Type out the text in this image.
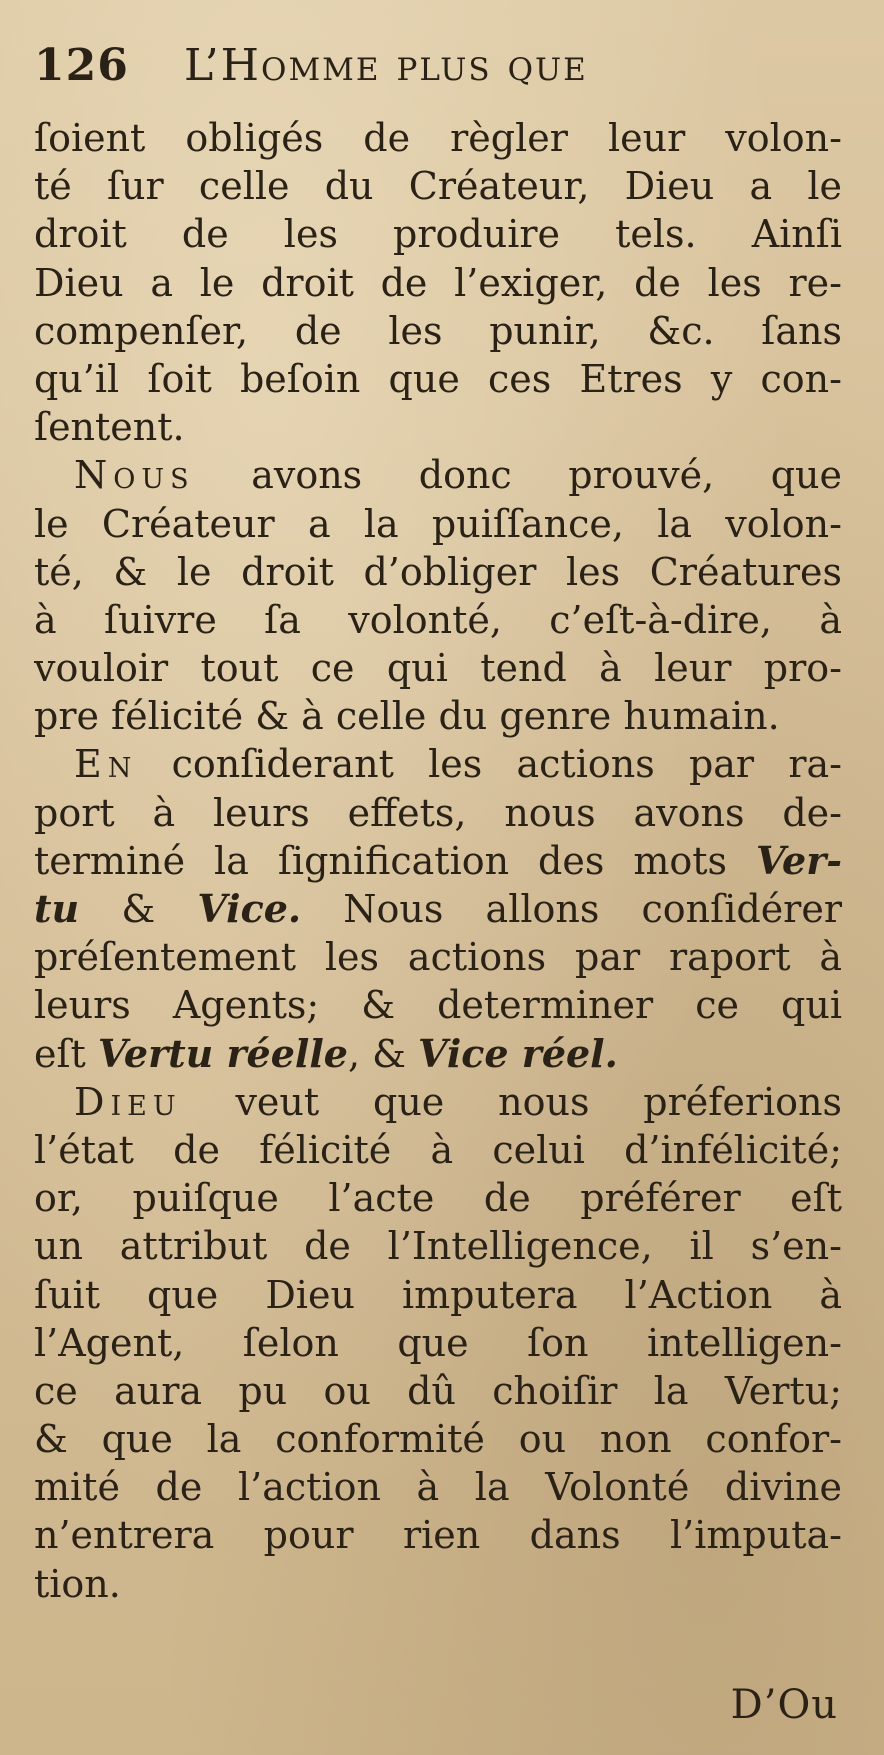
126	L’Homme plus que
ſoient obligés de règler leur volon-
té ſur celle du Créateur, Dieu a le
droit de les produire tels. Ainſi
Dieu a le droit de l’exiger, de les re-
compenſer, de les punir, &c. ſans
qu’il ſoit beſoin que ces Etres y con-
ſentent.
Nous avons donc prouvé, que
le Créateur a la puiſſance, la volon-
té, & le droit d’obliger les Créatures
à ſuivre ſa volonté, c’eſt-à-dire, à
vouloir tout ce qui tend à leur pro-
pre félicité & à celle du genre humain.
En conſiderant les actions par ra-
port à leurs effets, nous avons de-
terminé la ſignification des mots Ver-
tu & Vice. Nous allons conſidérer
préſentement les actions par raport à
leurs Agents; & determiner ce qui
eſt Vertu réelle, & Vice réel.
Dieu veut que nous préferions
l’état de félicité à celui d’infélicité;
or, puiſque l’acte de préférer eſt
un attribut de l’Intelligence, il s’en-
ſuit que Dieu imputera l’Action à
l’Agent, ſelon que ſon intelligen-
ce aura pu ou dû choiſir la Vertu;
& que la conformité ou non confor-
mité de l’action à la Volonté divine
n’entrera pour rien dans l’imputa-
tion.
D’Ou
